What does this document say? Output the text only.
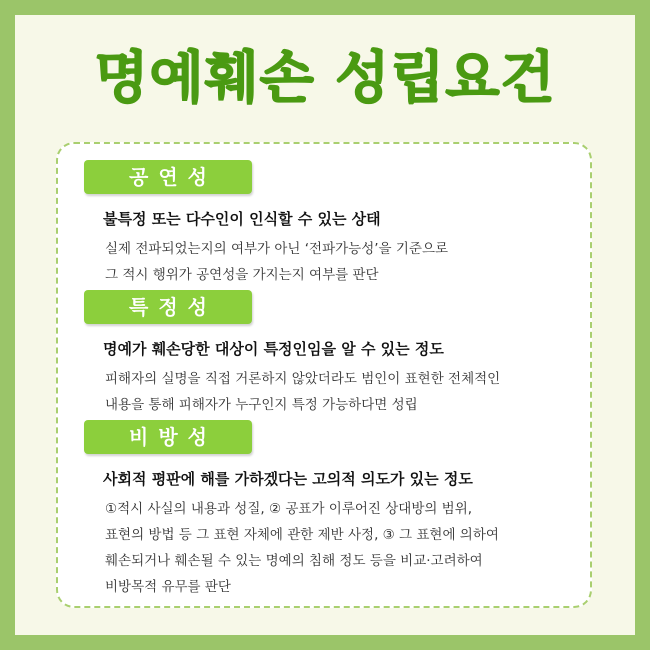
명예훼손 성립요건
공연성
불특정 또는 다수인이 인식할 수 있는 상태
실제 전파되었는지의 여부가 아닌 ‘전파가능성’을 기준으로
그 적시 행위가 공연성을 가지는지 여부를 판단
특정성
명예가 훼손당한 대상이 특정인임을 알 수 있는 정도
피해자의 실명을 직접 거론하지 않았더라도 범인이 표현한 전체적인
내용을 통해 피해자가 누구인지 특정 가능하다면 성립
비방성
사회적 평판에 해를 가하겠다는 고의적 의도가 있는 정도
①적시 사실의 내용과 성질, ② 공표가 이루어진 상대방의 범위,
표현의 방법 등 그 표현 자체에 관한 제반 사정, ③ 그 표현에 의하여
훼손되거나 훼손될 수 있는 명예의 침해 정도 등을 비교·고려하여
비방목적 유무를 판단
